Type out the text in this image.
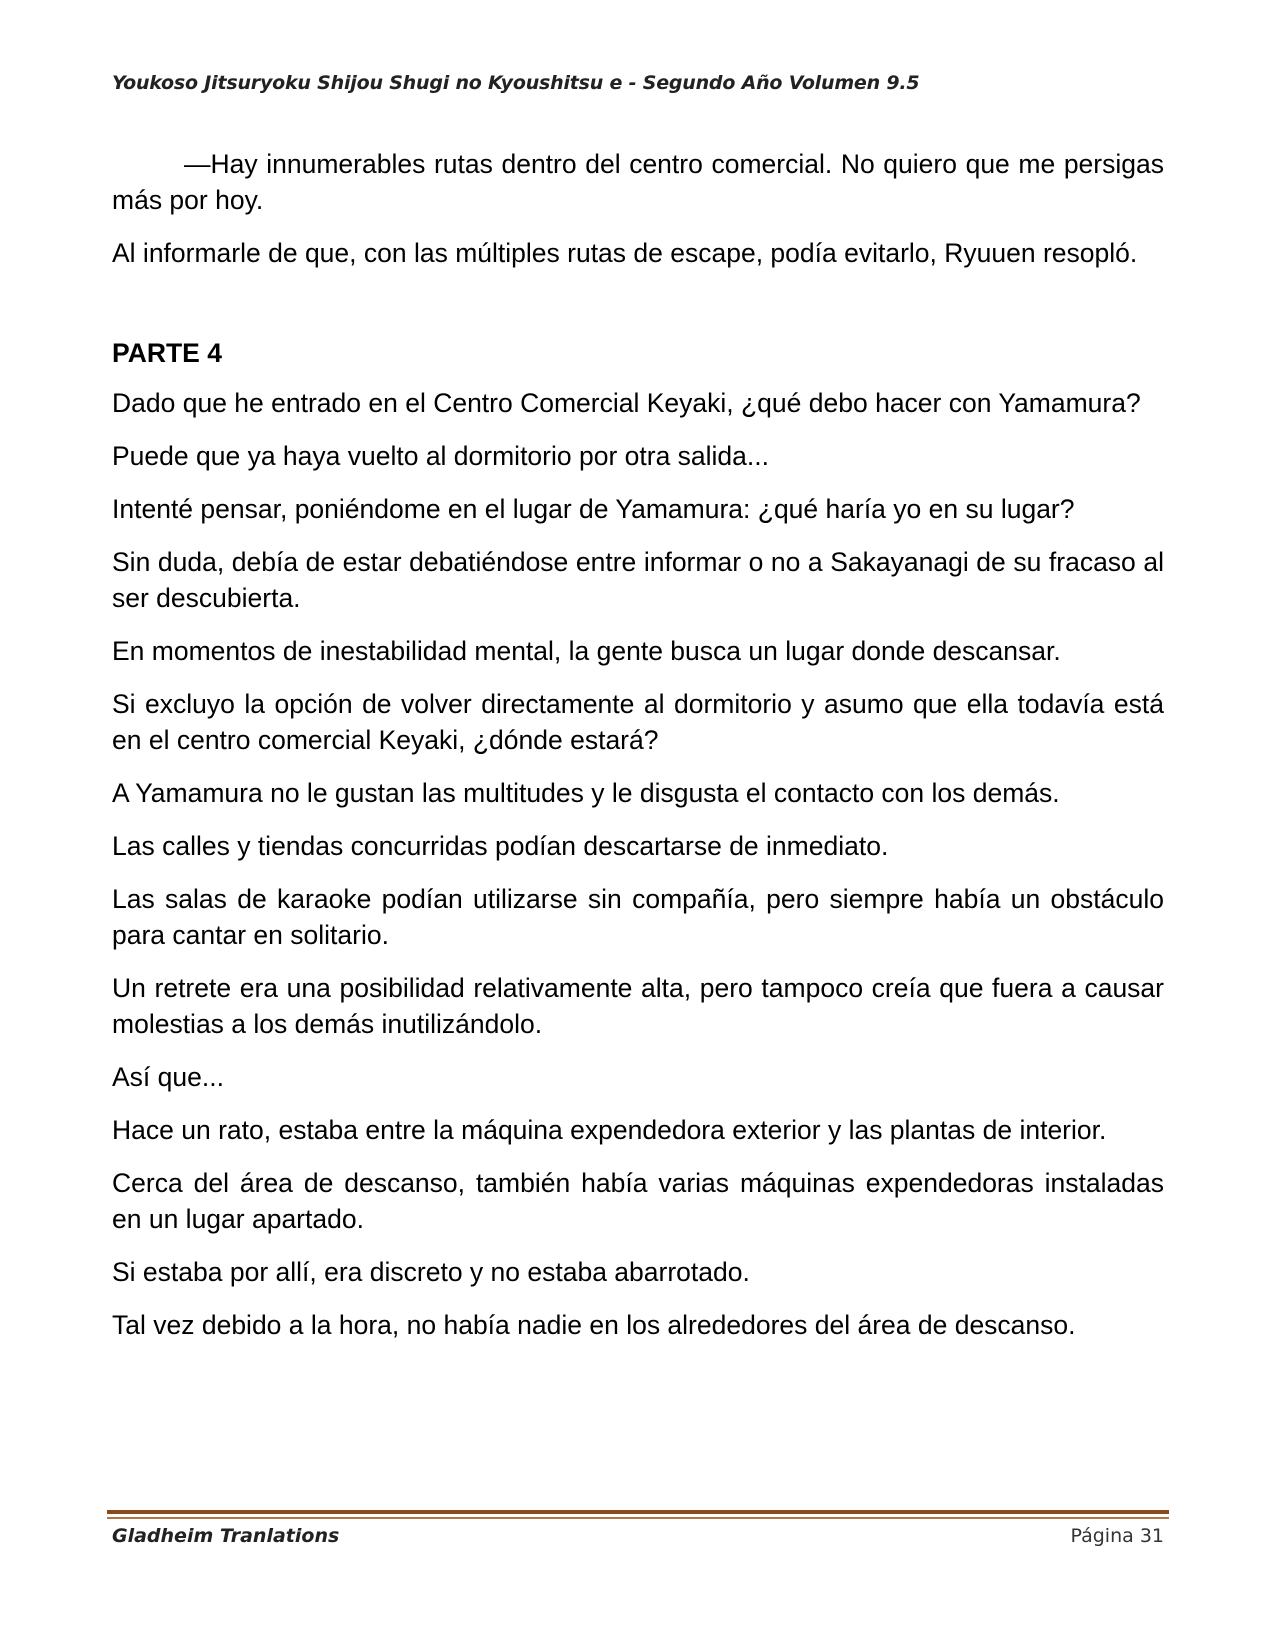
Youkoso Jitsuryoku Shijou Shugi no Kyoushitsu e - Segundo Año Volumen 9.5

—Hay innumerables rutas dentro del centro comercial. No quiero que me persigas más por hoy.

Al informarle de que, con las múltiples rutas de escape, podía evitarlo, Ryuuen resopló.

PARTE 4

Dado que he entrado en el Centro Comercial Keyaki, ¿qué debo hacer con Yamamura?

Puede que ya haya vuelto al dormitorio por otra salida...

Intenté pensar, poniéndome en el lugar de Yamamura: ¿qué haría yo en su lugar?

Sin duda, debía de estar debatiéndose entre informar o no a Sakayanagi de su fracaso al ser descubierta.

En momentos de inestabilidad mental, la gente busca un lugar donde descansar.

Si excluyo la opción de volver directamente al dormitorio y asumo que ella todavía está en el centro comercial Keyaki, ¿dónde estará?

A Yamamura no le gustan las multitudes y le disgusta el contacto con los demás.

Las calles y tiendas concurridas podían descartarse de inmediato.

Las salas de karaoke podían utilizarse sin compañía, pero siempre había un obstáculo para cantar en solitario.

Un retrete era una posibilidad relativamente alta, pero tampoco creía que fuera a causar molestias a los demás inutilizándolo.

Así que...

Hace un rato, estaba entre la máquina expendedora exterior y las plantas de interior.

Cerca del área de descanso, también había varias máquinas expendedoras instaladas en un lugar apartado.

Si estaba por allí, era discreto y no estaba abarrotado.

Tal vez debido a la hora, no había nadie en los alrededores del área de descanso.

Gladheim Tranlations	Página 31
